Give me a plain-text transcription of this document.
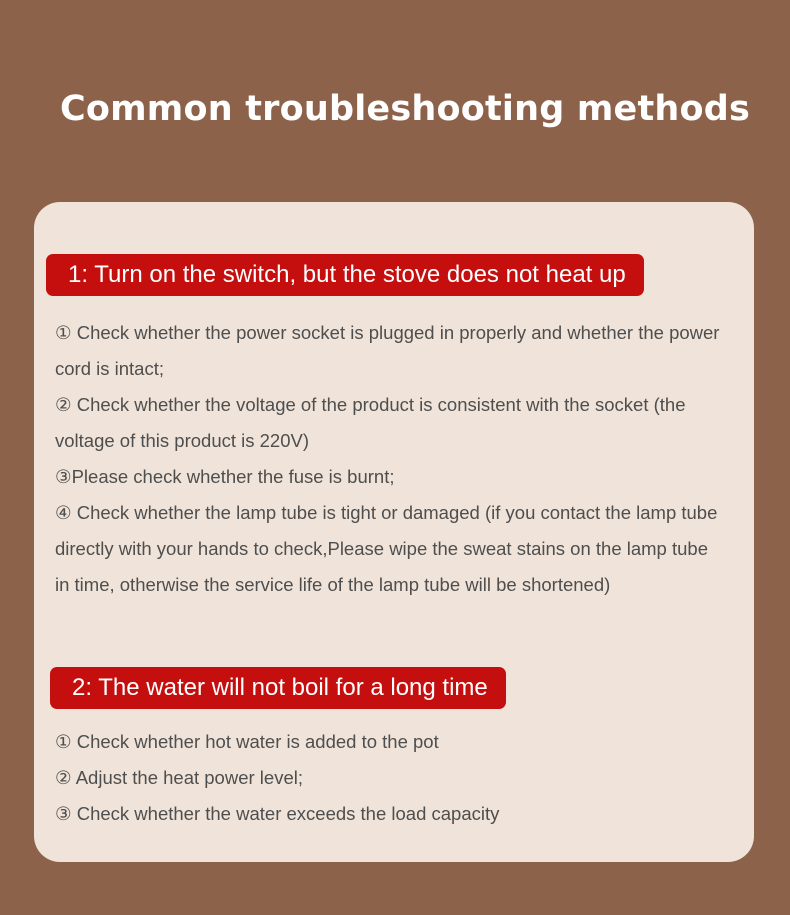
Common troubleshooting methods
1: Turn on the switch, but the stove does not heat up
① Check whether the power socket is plugged in properly and whether the power cord is intact;
② Check whether the voltage of the product is consistent with the socket (the voltage of this product is 220V)
③Please check whether the fuse is burnt;
④ Check whether the lamp tube is tight or damaged (if you contact the lamp tube directly with your hands to check,Please wipe the sweat stains on the lamp tube in time, otherwise the service life of the lamp tube will be shortened)
2: The water will not boil for a long time
① Check whether hot water is added to the pot
② Adjust the heat power level;
③ Check whether the water exceeds the load capacity
